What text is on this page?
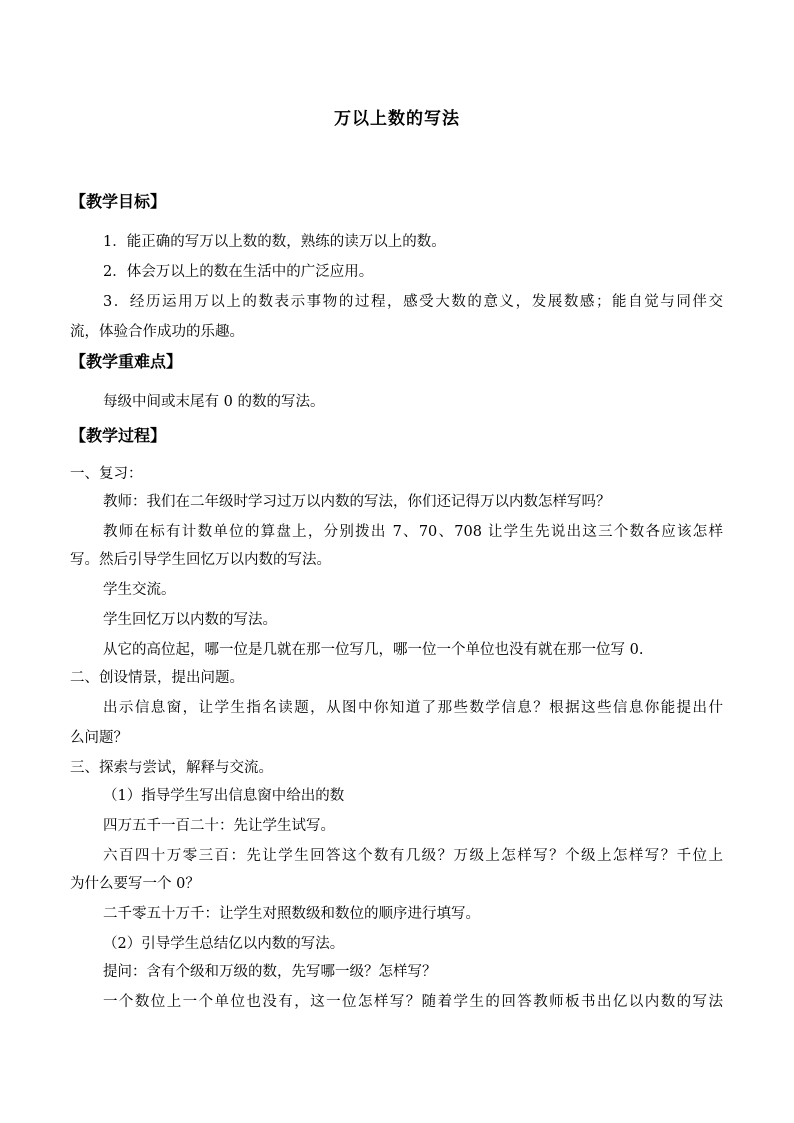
万以上数的写法
【教学目标】
1．能正确的写万以上数的数，熟练的读万以上的数。
2．体会万以上的数在生活中的广泛应用。
3．经历运用万以上的数表示事物的过程，感受大数的意义，发展数感；能自觉与同伴交
流，体验合作成功的乐趣。
【教学重难点】
每级中间或末尾有 0 的数的写法。
【教学过程】
一、复习：
教师：我们在二年级时学习过万以内数的写法，你们还记得万以内数怎样写吗？
教师在标有计数单位的算盘上，分别拨出 7、70、708 让学生先说出这三个数各应该怎样
写。然后引导学生回忆万以内数的写法。
学生交流。
学生回忆万以内数的写法。
从它的高位起，哪一位是几就在那一位写几，哪一位一个单位也没有就在那一位写 0.
二、创设情景，提出问题。
出示信息窗，让学生指名读题，从图中你知道了那些数学信息？根据这些信息你能提出什
么问题？
三、探索与尝试，解释与交流。
（1）指导学生写出信息窗中给出的数
四万五千一百二十：先让学生试写。
六百四十万零三百：先让学生回答这个数有几级？万级上怎样写？个级上怎样写？千位上
为什么要写一个 0？
二千零五十万千：让学生对照数级和数位的顺序进行填写。
（2）引导学生总结亿以内数的写法。
提问：含有个级和万级的数，先写哪一级？怎样写？
一个数位上一个单位也没有，这一位怎样写？随着学生的回答教师板书出亿以内数的写法
